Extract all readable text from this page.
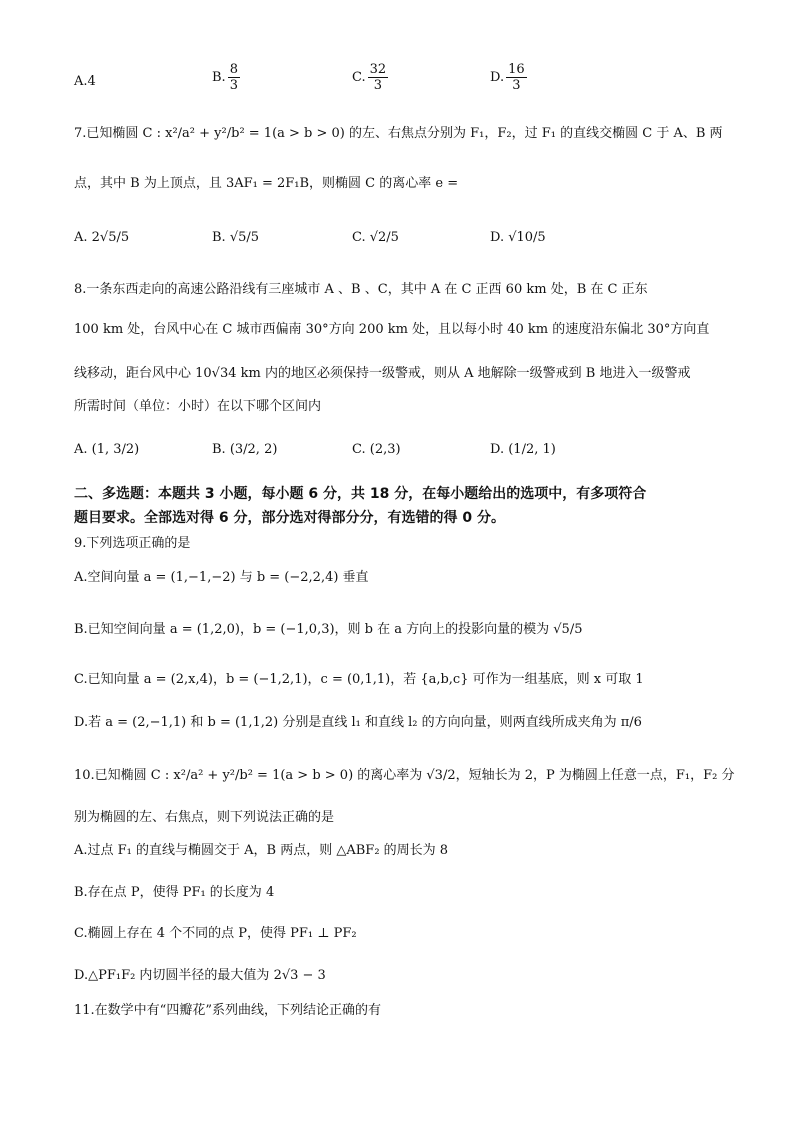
A.4	B. $\frac{8}{3}$	C. $\frac{32}{3}$	D. $\frac{16}{3}$
7.已知椭圆 C : x²/a² + y²/b² = 1(a > b > 0) 的左、右焦点分别为 F₁，F₂，过 F₁ 的直线交椭圆 C 于 A、B 两
点，其中 B 为上顶点，且 3AF₁ = 2F₁B，则椭圆 C 的离心率 e =
A. 2√5/5	B. √5/5	C. √2/5	D. √10/5
8.一条东西走向的高速公路沿线有三座城市 A 、B 、C，其中 A 在 C 正西 60 km 处，B 在 C 正东
100 km 处，台风中心在 C 城市西偏南 30°方向 200 km 处，且以每小时 40 km 的速度沿东偏北 30°方向直
线移动，距台风中心 10√34 km 内的地区必须保持一级警戒，则从 A 地解除一级警戒到 B 地进入一级警戒
所需时间（单位：小时）在以下哪个区间内
A. (1, 3/2)	B. (3/2, 2)	C. (2,3)	D. (1/2, 1)
二、多选题：本题共 3 小题，每小题 6 分，共 18 分，在每小题给出的选项中，有多项符合
题目要求。全部选对得 6 分，部分选对得部分分，有选错的得 0 分。
9.下列选项正确的是
A.空间向量 a = (1,−1,−2) 与 b = (−2,2,4) 垂直
B.已知空间向量 a = (1,2,0)，b = (−1,0,3)，则 b 在 a 方向上的投影向量的模为 √5/5
C.已知向量 a = (2,x,4)，b = (−1,2,1)，c = (0,1,1)，若 {a,b,c} 可作为一组基底，则 x 可取 1
D.若 a = (2,−1,1) 和 b = (1,1,2) 分别是直线 l₁ 和直线 l₂ 的方向向量，则两直线所成夹角为 π/6
10.已知椭圆 C : x²/a² + y²/b² = 1(a > b > 0) 的离心率为 √3/2，短轴长为 2，P 为椭圆上任意一点，F₁，F₂ 分
别为椭圆的左、右焦点，则下列说法正确的是
A.过点 F₁ 的直线与椭圆交于 A，B 两点，则 △ABF₂ 的周长为 8
B.存在点 P，使得 PF₁ 的长度为 4
C.椭圆上存在 4 个不同的点 P，使得 PF₁ ⊥ PF₂
D.△PF₁F₂ 内切圆半径的最大值为 2√3 − 3
11.在数学中有“四瓣花”系列曲线，下列结论正确的有
